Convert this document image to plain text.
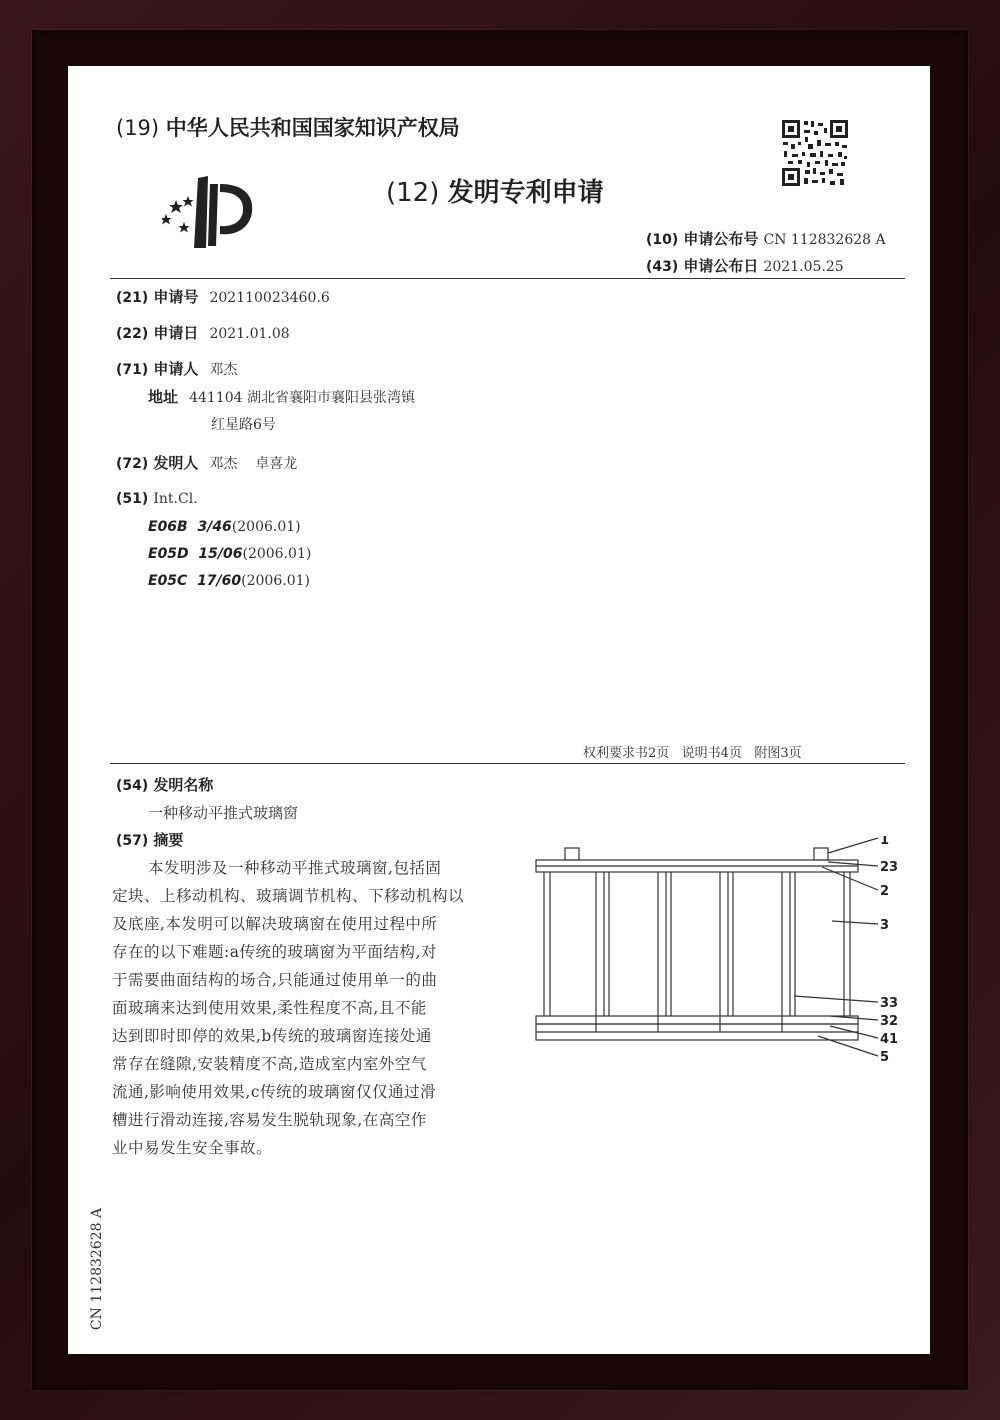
(19) 中华人民共和国国家知识产权局
(12) 发明专利申请
(10) 申请公布号 CN 112832628 A
(43) 申请公布日 2021.05.25
(21) 申请号 202110023460.6
(22) 申请日 2021.01.08
(71) 申请人 邓杰
地址 441104 湖北省襄阳市襄阳县张湾镇
红星路6号
(72) 发明人 邓杰    卓喜龙
(51) Int.Cl.
E06B  3/46(2006.01)
E05D  15/06(2006.01)
E05C  17/60(2006.01)
权利要求书2页   说明书4页   附图3页
(54) 发明名称
一种移动平推式玻璃窗
(57) 摘要
本发明涉及一种移动平推式玻璃窗,包括固
定块、上移动机构、玻璃调节机构、下移动机构以
及底座,本发明可以解决玻璃窗在使用过程中所
存在的以下难题:a传统的玻璃窗为平面结构,对
于需要曲面结构的场合,只能通过使用单一的曲
面玻璃来达到使用效果,柔性程度不高,且不能
达到即时即停的效果,b传统的玻璃窗连接处通
常存在缝隙,安装精度不高,造成室内室外空气
流通,影响使用效果,c传统的玻璃窗仅仅通过滑
槽进行滑动连接,容易发生脱轨现象,在高空作
业中易发生安全事故。
1
23
2
3
33
32
41
5
CN 112832628 A
